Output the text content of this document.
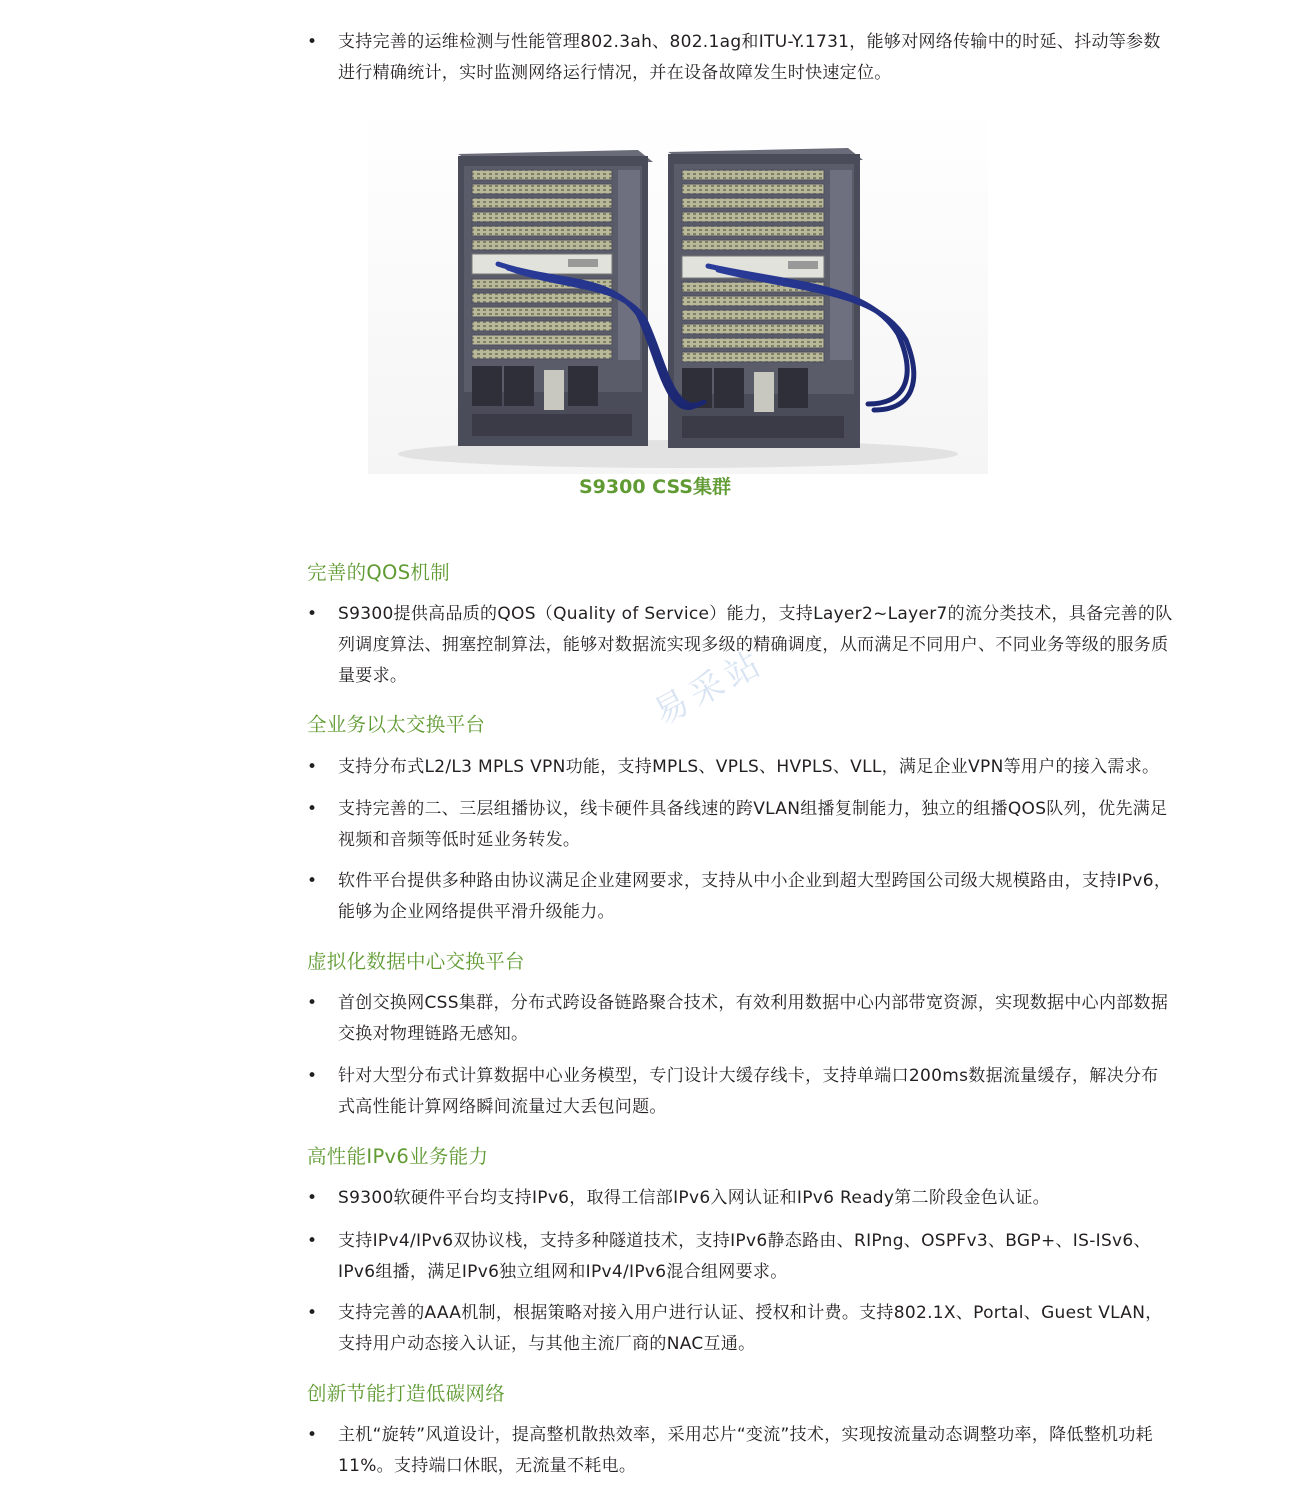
•	支持完善的运维检测与性能管理802.3ah、802.1ag和ITU-Y.1731，能够对网络传输中的时延、抖动等参数进行精确统计，实时监测网络运行情况，并在设备故障发生时快速定位。
S9300 CSS集群
易采站
完善的QOS机制
•	S9300提供高品质的QOS（Quality of Service）能力，支持Layer2~Layer7的流分类技术，具备完善的队列调度算法、拥塞控制算法，能够对数据流实现多级的精确调度，从而满足不同用户、不同业务等级的服务质量要求。
全业务以太交换平台
•	支持分布式L2/L3 MPLS VPN功能，支持MPLS、VPLS、HVPLS、VLL，满足企业VPN等用户的接入需求。
•	支持完善的二、三层组播协议，线卡硬件具备线速的跨VLAN组播复制能力，独立的组播QOS队列，优先满足视频和音频等低时延业务转发。
•	软件平台提供多种路由协议满足企业建网要求，支持从中小企业到超大型跨国公司级大规模路由，支持IPv6，能够为企业网络提供平滑升级能力。
虚拟化数据中心交换平台
•	首创交换网CSS集群，分布式跨设备链路聚合技术，有效利用数据中心内部带宽资源，实现数据中心内部数据交换对物理链路无感知。
•	针对大型分布式计算数据中心业务模型，专门设计大缓存线卡，支持单端口200ms数据流量缓存，解决分布式高性能计算网络瞬间流量过大丢包问题。
高性能IPv6业务能力
•	S9300软硬件平台均支持IPv6，取得工信部IPv6入网认证和IPv6 Ready第二阶段金色认证。
•	支持IPv4/IPv6双协议栈，支持多种隧道技术，支持IPv6静态路由、RIPng、OSPFv3、BGP+、IS-ISv6、IPv6组播，满足IPv6独立组网和IPv4/IPv6混合组网要求。
•	支持完善的AAA机制，根据策略对接入用户进行认证、授权和计费。支持802.1X、Portal、Guest VLAN，支持用户动态接入认证，与其他主流厂商的NAC互通。
创新节能打造低碳网络
•	主机“旋转”风道设计，提高整机散热效率，采用芯片“变流”技术，实现按流量动态调整功率，降低整机功耗11%。支持端口休眠，无流量不耗电。
